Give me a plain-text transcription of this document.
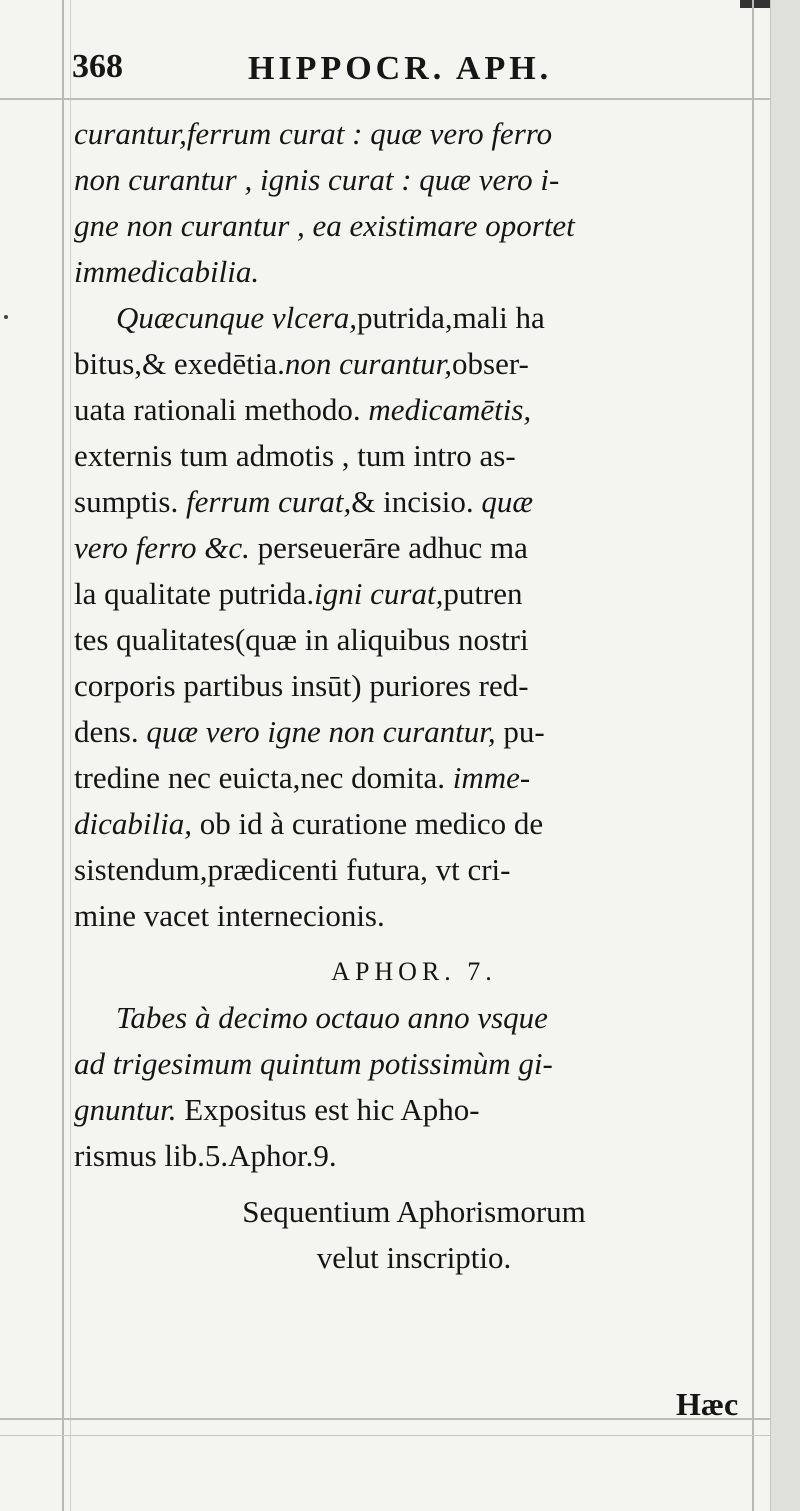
368	HIPPOCR. APH.
curantur,ferrum curat : quæ vero ferro
non curantur , ignis curat : quæ vero i-
gne non curantur , ea existimare oportet
immedicabilia.
Quæcunque vlcera,putrida,mali ha
bitus,& exedētia.non curantur,obser-
uata rationali methodo. medicamētis,
externis tum admotis , tum intro as-
sumptis. ferrum curat,& incisio. quæ
vero ferro &c. perseuerāre adhuc ma
la qualitate putrida.igni curat,putren
tes qualitates(quæ in aliquibus nostri
corporis partibus insūt) puriores red-
dens. quæ vero igne non curantur, pu-
tredine nec euicta,nec domita. imme-
dicabilia, ob id à curatione medico de
sistendum,prædicenti futura, vt cri-
mine vacet internecionis.
APHOR. 7.
Tabes à decimo octauo anno vsque
ad trigesimum quintum potissimùm gi-
gnuntur. Expositus est hic Apho-
rismus lib.5.Aphor.9.
Sequentium Aphorismorum
velut inscriptio.
Hæc
